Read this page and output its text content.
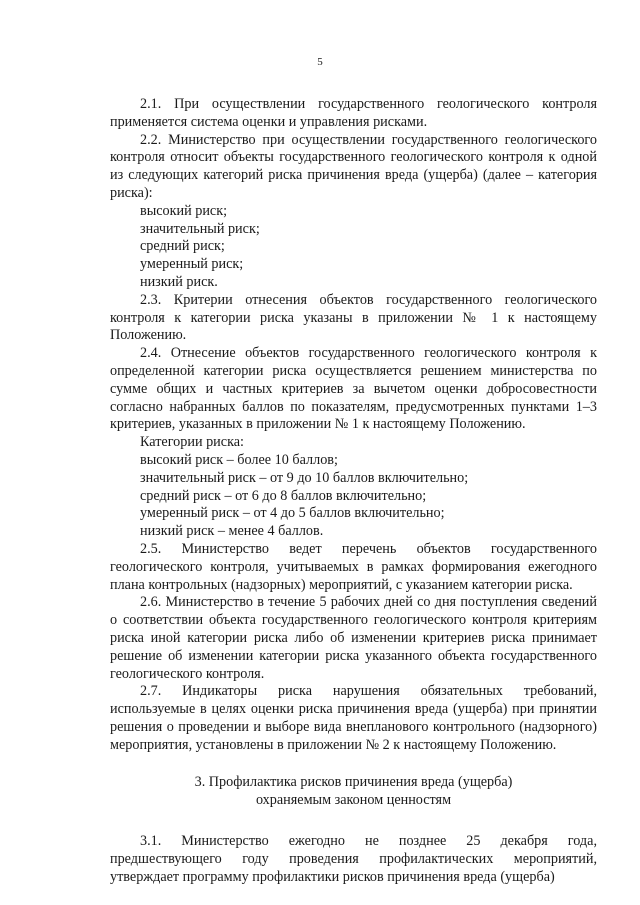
5

2.1. При осуществлении государственного геологического контроля применяется система оценки и управления рисками.

2.2. Министерство при осуществлении государственного геологического контроля относит объекты государственного геологического контроля к одной из следующих категорий риска причинения вреда (ущерба) (далее – категория риска):

высокий риск;

значительный риск;

средний риск;

умеренный риск;

низкий риск.

2.3. Критерии отнесения объектов государственного геологического контроля к категории риска указаны в приложении № 1 к настоящему Положению.

2.4. Отнесение объектов государственного геологического контроля к определенной категории риска осуществляется решением министерства по сумме общих и частных критериев за вычетом оценки добросовестности согласно набранных баллов по показателям, предусмотренных пунктами 1–3 критериев, указанных в приложении № 1 к настоящему Положению.

Категории риска:

высокий риск – более 10 баллов;

значительный риск – от 9 до 10 баллов включительно;

средний риск – от 6 до 8 баллов включительно;

умеренный риск – от 4 до 5 баллов включительно;

низкий риск – менее 4 баллов.

2.5. Министерство ведет перечень объектов государственного геологического контроля, учитываемых в рамках формирования ежегодного плана контрольных (надзорных) мероприятий, с указанием категории риска.

2.6. Министерство в течение 5 рабочих дней со дня поступления сведений о соответствии объекта государственного геологического контроля критериям риска иной категории риска либо об изменении критериев риска принимает решение об изменении категории риска указанного объекта государственного геологического контроля.

2.7. Индикаторы риска нарушения обязательных требований, используемые в целях оценки риска причинения вреда (ущерба) при принятии решения о проведении и выборе вида внепланового контрольного (надзорного) мероприятия, установлены в приложении № 2 к настоящему Положению.

3. Профилактика рисков причинения вреда (ущерба)
охраняемым законом ценностям

3.1. Министерство ежегодно не позднее 25 декабря года, предшествующего году проведения профилактических мероприятий, утверждает программу профилактики рисков причинения вреда (ущерба)
